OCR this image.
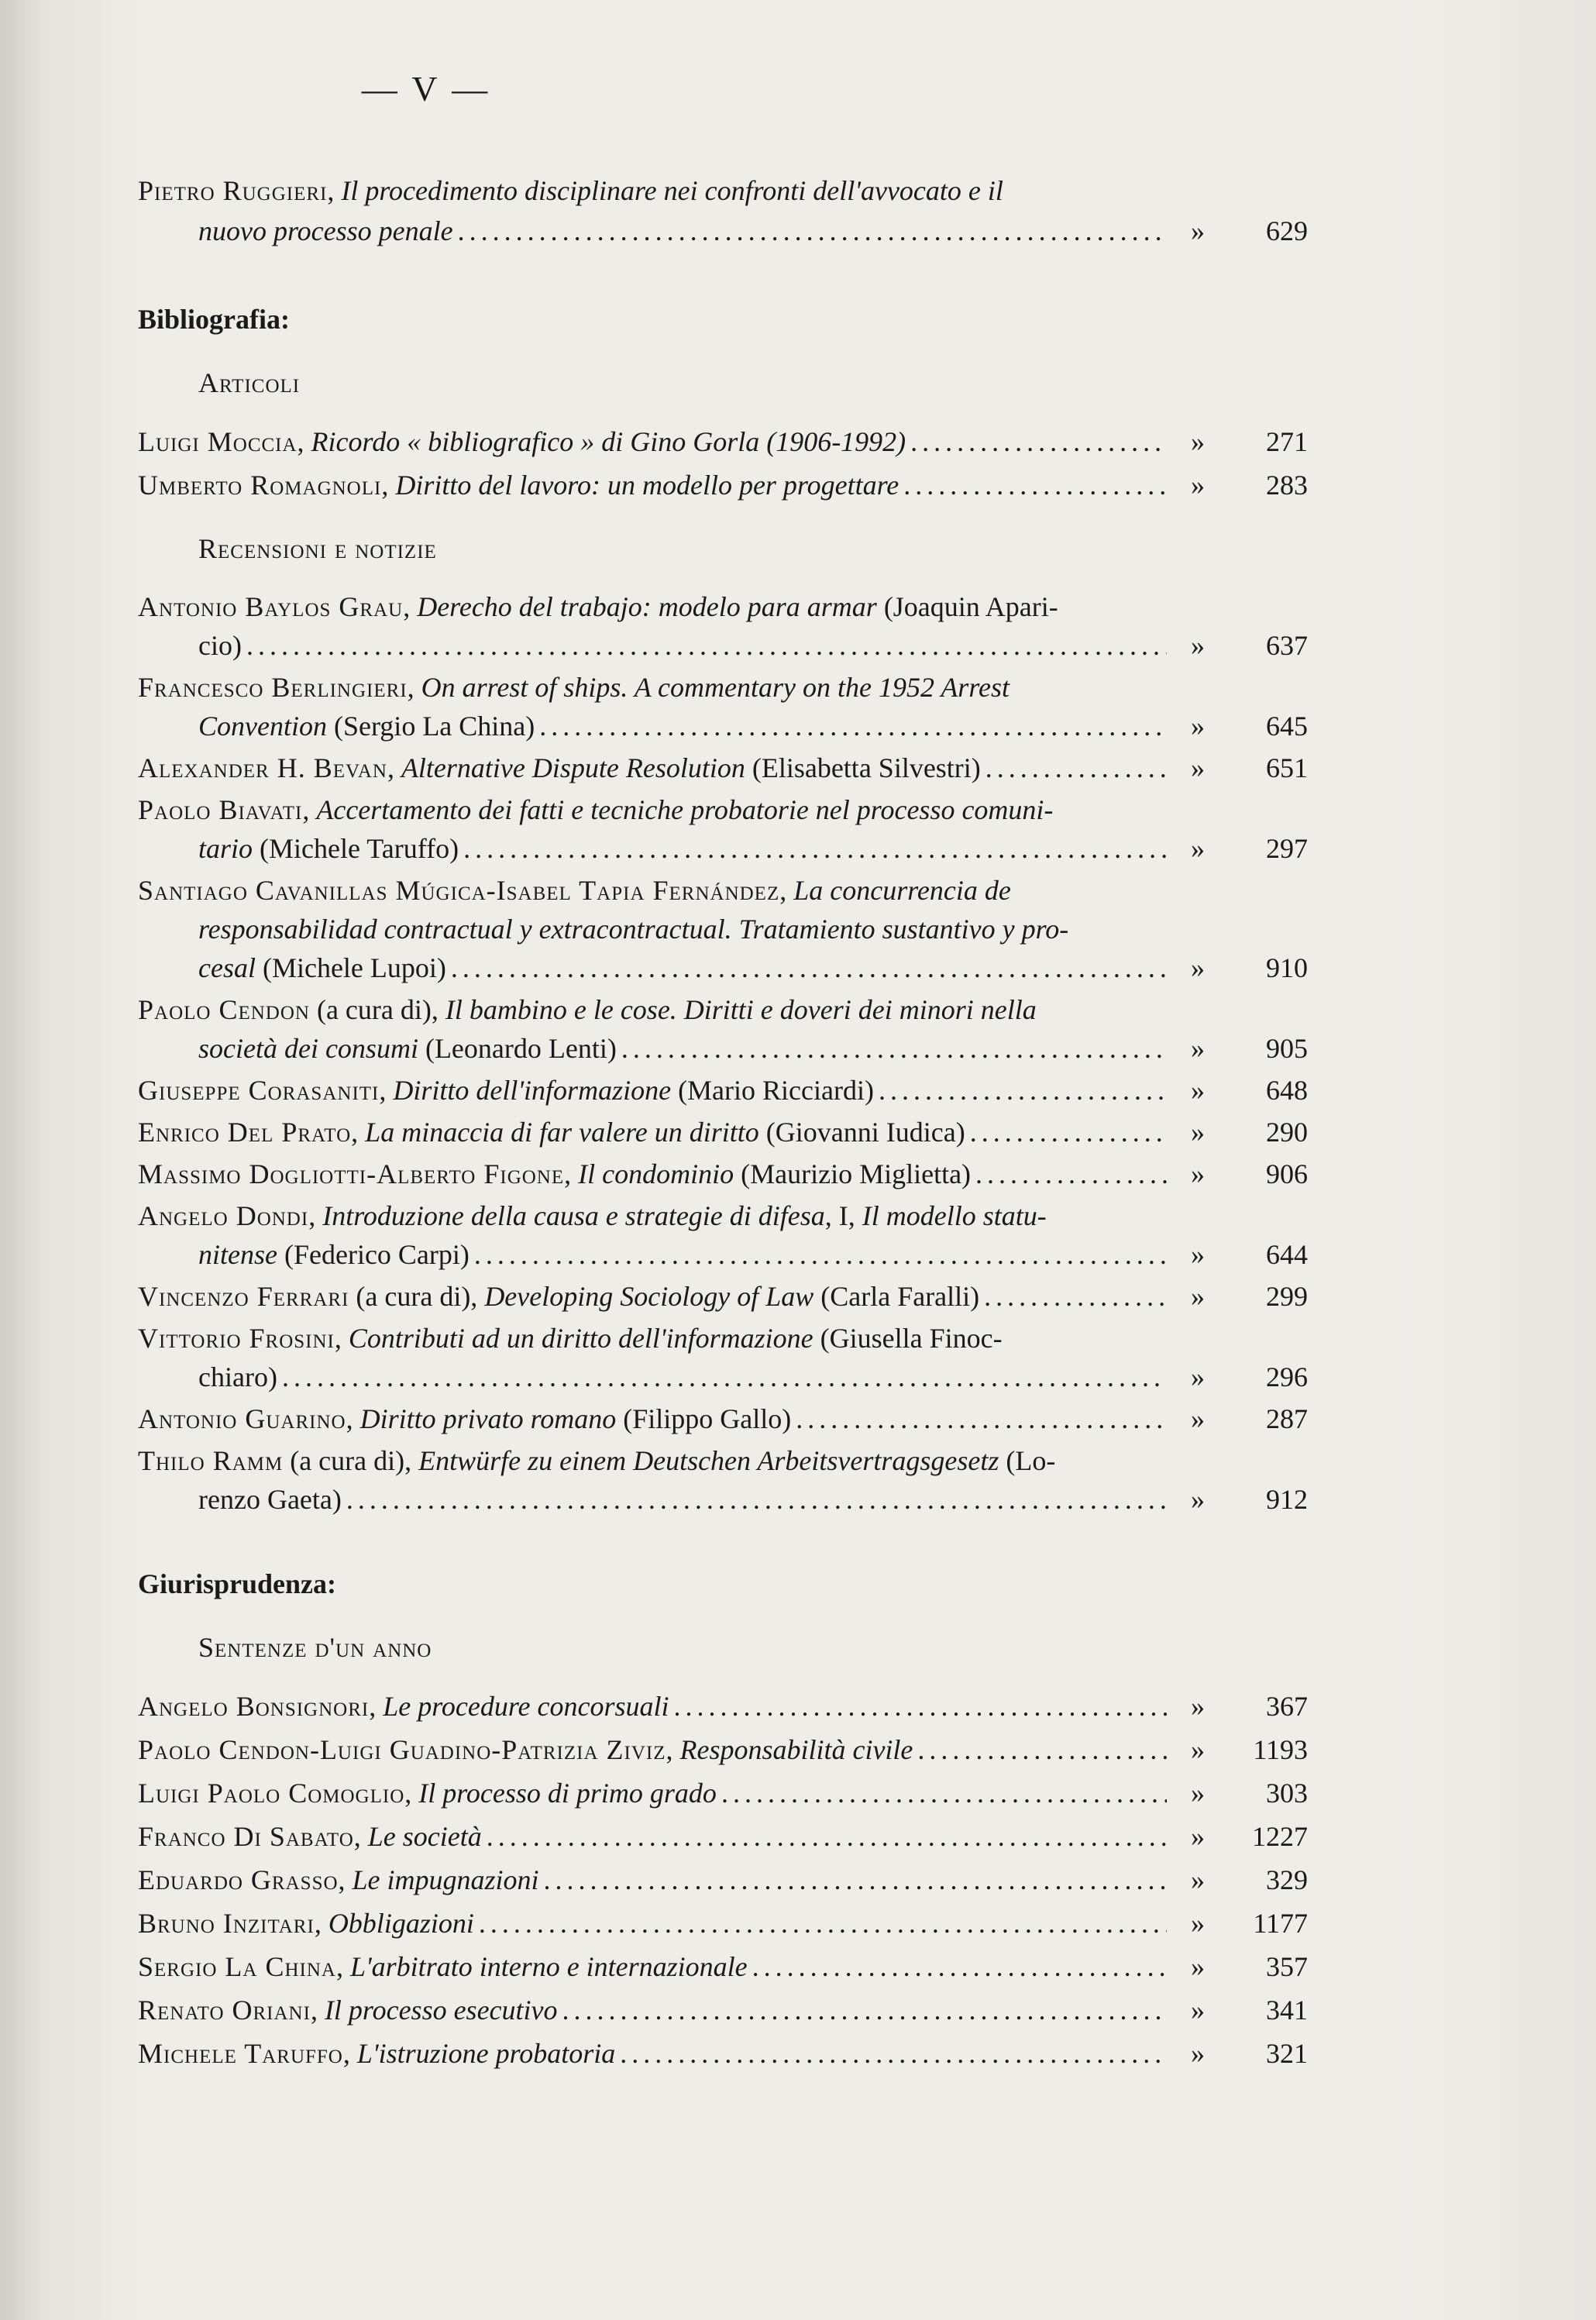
— V —
Pietro Ruggieri, Il procedimento disciplinare nei confronti dell'avvocato e il
nuovo processo penale .....	»	629
Bibliografia:
Articoli
Luigi Moccia, Ricordo « bibliografico » di Gino Gorla (1906-1992) .....	»	271
Umberto Romagnoli, Diritto del lavoro: un modello per progettare .....	»	283
Recensioni e notizie
Antonio Baylos Grau, Derecho del trabajo: modelo para armar (Joaquin Apari-
cio) .....	»	637
Francesco Berlingieri, On arrest of ships. A commentary on the 1952 Arrest
Convention (Sergio La China) .....	»	645
Alexander H. Bevan, Alternative Dispute Resolution (Elisabetta Silvestri) .....	»	651
Paolo Biavati, Accertamento dei fatti e tecniche probatorie nel processo comuni-
tario (Michele Taruffo) .....	»	297
Santiago Cavanillas Múgica-Isabel Tapia Fernández, La concurrencia de
responsabilidad contractual y extracontractual. Tratamiento sustantivo y pro-
cesal (Michele Lupoi) .....	»	910
Paolo Cendon (a cura di), Il bambino e le cose. Diritti e doveri dei minori nella
società dei consumi (Leonardo Lenti) .....	»	905
Giuseppe Corasaniti, Diritto dell'informazione (Mario Ricciardi) .....	»	648
Enrico Del Prato, La minaccia di far valere un diritto (Giovanni Iudica) .....	»	290
Massimo Dogliotti-Alberto Figone, Il condominio (Maurizio Miglietta) .....	»	906
Angelo Dondi, Introduzione della causa e strategie di difesa, I, Il modello statu-
nitense (Federico Carpi) .....	»	644
Vincenzo Ferrari (a cura di), Developing Sociology of Law (Carla Faralli) .....	»	299
Vittorio Frosini, Contributi ad un diritto dell'informazione (Giusella Finoc-
chiaro) .....	»	296
Antonio Guarino, Diritto privato romano (Filippo Gallo) .....	»	287
Thilo Ramm (a cura di), Entwürfe zu einem Deutschen Arbeitsvertragsgesetz (Lo-
renzo Gaeta) .....	»	912
Giurisprudenza:
Sentenze d'un anno
Angelo Bonsignori, Le procedure concorsuali .....	»	367
Paolo Cendon-Luigi Guadino-Patrizia Ziviz, Responsabilità civile .....	»	1193
Luigi Paolo Comoglio, Il processo di primo grado .....	»	303
Franco Di Sabato, Le società .....	»	1227
Eduardo Grasso, Le impugnazioni .....	»	329
Bruno Inzitari, Obbligazioni .....	»	1177
Sergio La China, L'arbitrato interno e internazionale .....	»	357
Renato Oriani, Il processo esecutivo .....	»	341
Michele Taruffo, L'istruzione probatoria .....	»	321
